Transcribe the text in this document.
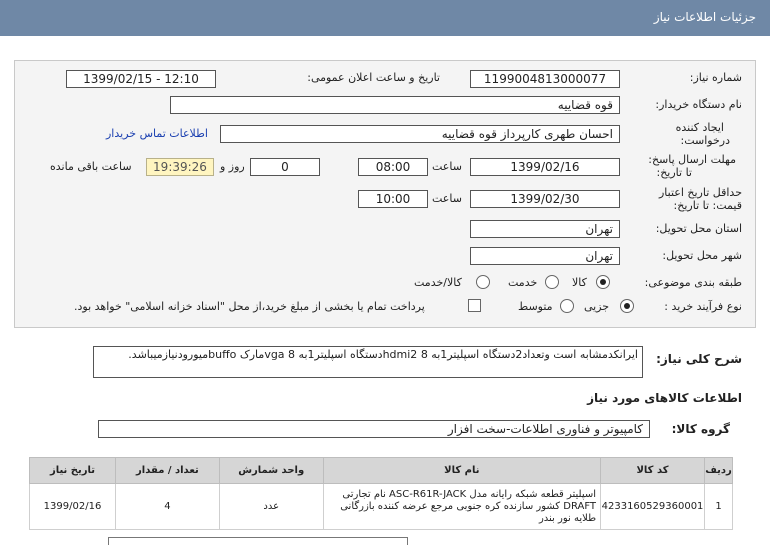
جزئیات اطلاعات نیاز
شماره نیاز:
1199004813000077
تاریخ و ساعت اعلان عمومی:
1399/02/15 - 12:10
نام دستگاه خریدار:
قوه قضاییه
ایجاد کننده
درخواست:
احسان طهری کارپرداز قوه قضاییه
اطلاعات تماس خریدار
مهلت ارسال پاسخ:
تا تاریخ:
1399/02/16
ساعت
08:00
0
روز و
19:39:26
ساعت باقی مانده
حداقل تاریخ اعتبار
قیمت: تا تاریخ:
1399/02/30
ساعت
10:00
استان محل تحویل:
تهران
شهر محل تحویل:
تهران
طبقه بندی موضوعی:
کالا
خدمت
کالا/خدمت
نوع فرآیند خرید :
جزیی
متوسط
پرداخت تمام یا بخشی از مبلغ خرید،از محل "اسناد خزانه اسلامی" خواهد بود.
شرح کلی نیاز:
ایرانکدمشابه است وتعداد2دستگاه اسپلیتر1به 8 hdmi2دستگاه اسپلیتر1به 8 vgaمارک buffoمیورودنیازمیباشد.
اطلاعات کالاهای مورد نیاز
گروه کالا:
کامپیوتر و فناوری اطلاعات-سخت افزار
ردیف	کد کالا	نام کالا	واحد شمارش	تعداد / مقدار	تاریخ نیاز
1	4233160529360001	اسپلیتر قطعه شبکه رایانه مدل ASC-R61R-JACK نام تجارتی DRAFT کشور سازنده کره جنوبی مرجع عرضه کننده بازرگانی طلایه نور بندر	عدد	4	1399/02/16
